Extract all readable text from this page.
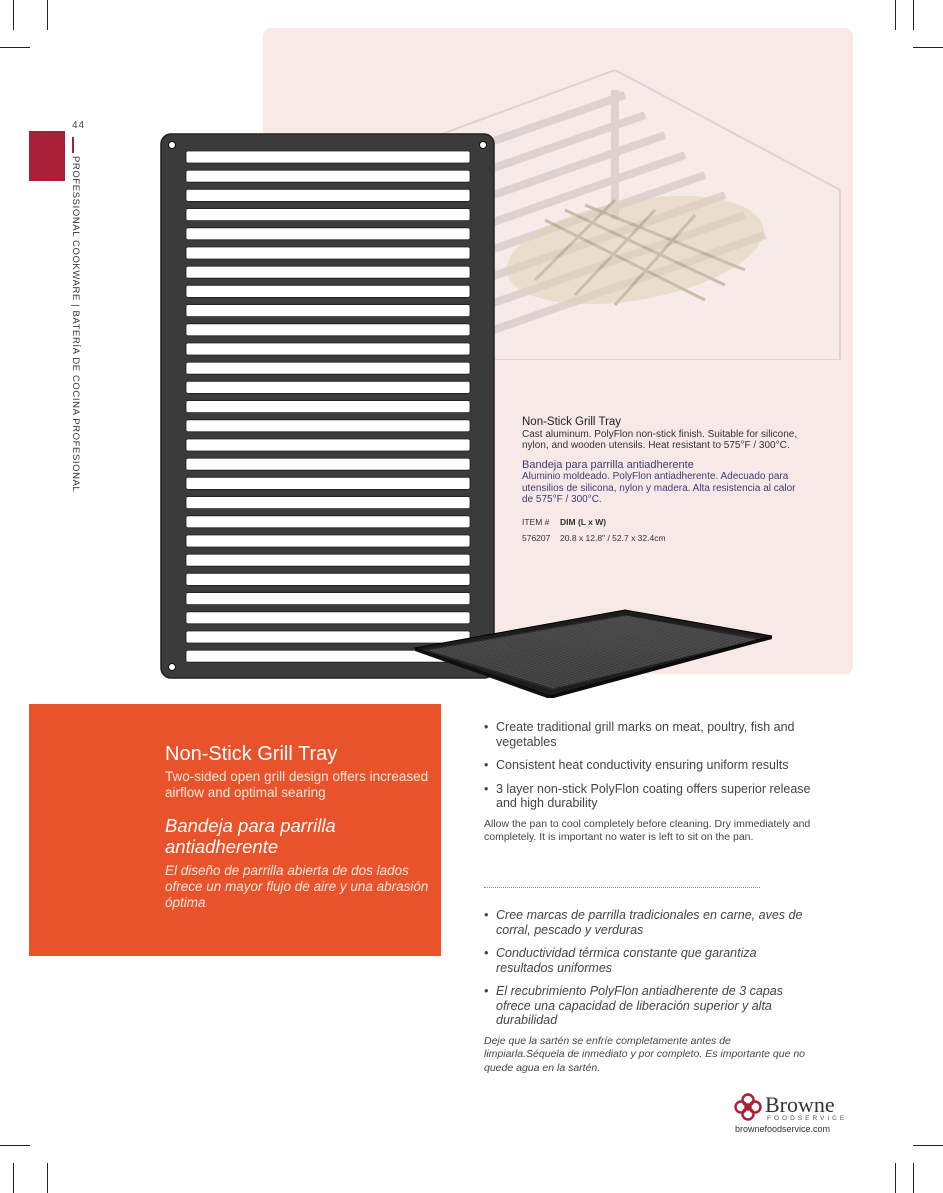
44
PROFESSIONAL COOKWARE | BATERÍA DE COCINA PROFESIONAL	Non-Stick Grill Tray
Cast aluminum. PolyFlon non-stick finish. Suitable for silicone, nylon, and wooden utensils. Heat resistant to 575°F / 300°C.
Bandeja para parrilla antiadherente
Aluminio moldeado. PolyFlon antiadherente. Adecuado para utensilios de silicona, nylon y madera. Alta resistencia al calor de 575°F / 300°C.
ITEM #	DIM (L x W)
576207 20.8 x 12.8" / 52.7 x 32.4cm
Non-Stick Grill Tray
Two-sided open grill design offers increased airflow and optimal searing
Bandeja para parrilla antiadherente
El diseño de parrilla abierta de dos lados ofrece un mayor flujo de aire y una abrasión óptima
• Create traditional grill marks on meat, poultry, fish and vegetables
• Consistent heat conductivity ensuring uniform results
• 3 layer non-stick PolyFlon coating offers superior release and high durability
Allow the pan to cool completely before cleaning. Dry immediately and completely. It is important no water is left to sit on the pan.
• Cree marcas de parrilla tradicionales en carne, aves de corral, pescado y verduras
• Conductividad térmica constante que garantiza resultados uniformes
• El recubrimiento PolyFlon antiadherente de 3 capas ofrece una capacidad de liberación superior y alta durabilidad
Deje que la sartén se enfríe completamente antes de limpiarla.Séquela de inmediato y por completo. Es importante que no quede agua en la sartén.
Browne
FOODSERVICE
brownefoodservice.com
